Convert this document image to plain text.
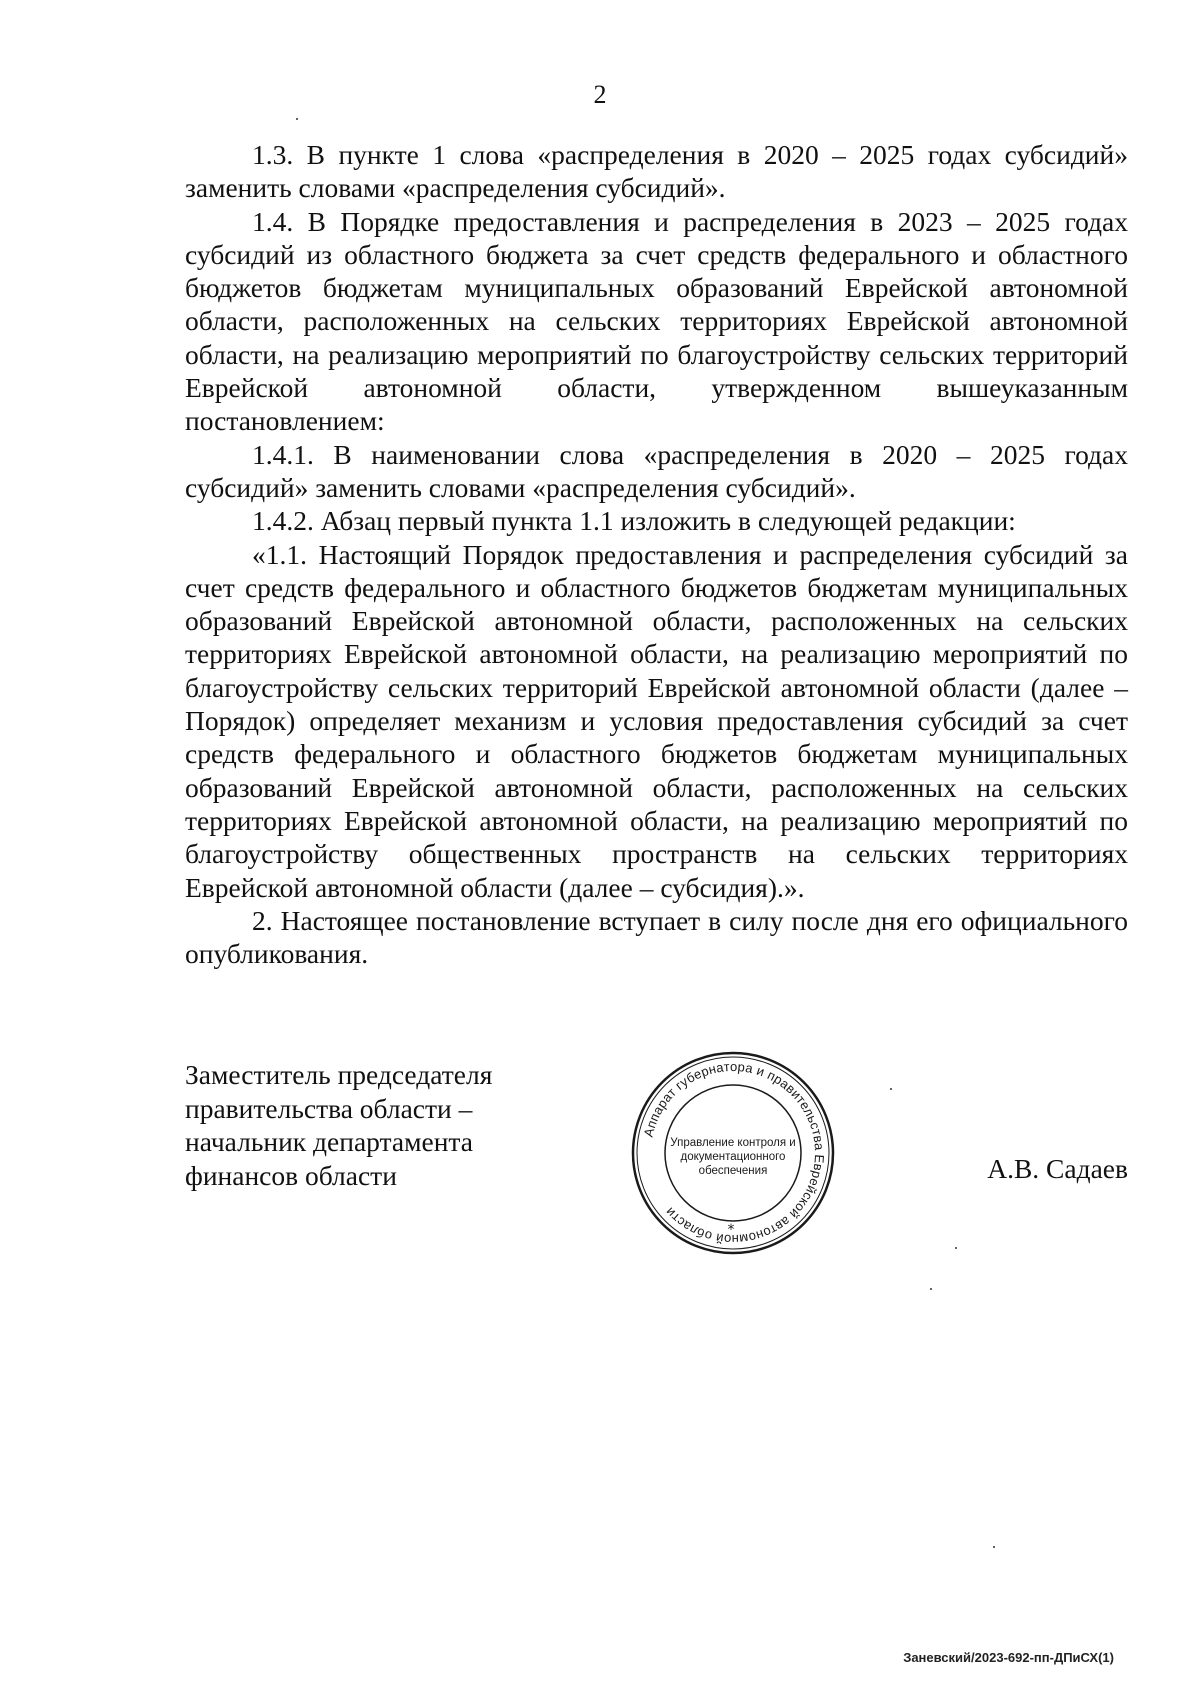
2

1.3. В пункте 1 слова «распределения в 2020 – 2025 годах субсидий» заменить словами «распределения субсидий».

1.4. В Порядке предоставления и распределения в 2023 – 2025 годах субсидий из областного бюджета за счет средств федерального и областного бюджетов бюджетам муниципальных образований Еврейской автономной области, расположенных на сельских территориях Еврейской автономной области, на реализацию мероприятий по благоустройству сельских территорий Еврейской автономной области, утвержденном вышеуказанным постановлением:

1.4.1. В наименовании слова «распределения в 2020 – 2025 годах субсидий» заменить словами «распределения субсидий».

1.4.2. Абзац первый пункта 1.1 изложить в следующей редакции:

«1.1. Настоящий Порядок предоставления и распределения субсидий за счет средств федерального и областного бюджетов бюджетам муниципальных образований Еврейской автономной области, расположенных на сельских территориях Еврейской автономной области, на реализацию мероприятий по благоустройству сельских территорий Еврейской автономной области (далее – Порядок) определяет механизм и условия предоставления субсидий за счет средств федерального и областного бюджетов бюджетам муниципальных образований Еврейской автономной области, расположенных на сельских территориях Еврейской автономной области, на реализацию мероприятий по благоустройству общественных пространств на сельских территориях Еврейской автономной области (далее – субсидия).».

2. Настоящее постановление вступает в силу после дня его официального опубликования.

Заместитель председателя
правительства области –
начальник департамента
финансов области
Аппарат губернатора и правительства Еврейской автономной области
*
Управление контроля и
документационного
обеспечения	А.В. Садаев
Заневский/2023-692-пп-ДПиСХ(1)
